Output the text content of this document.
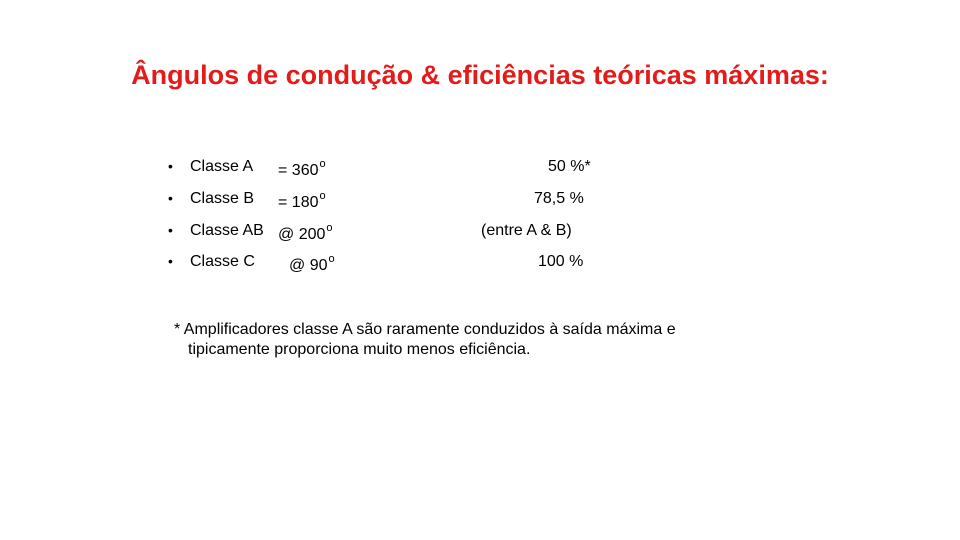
Ângulos de condução & eficiências teóricas máximas:
• Classe $A = 360^o$	50 %*
• Classe $B = 180^o$	78,5 %
• Classe AB @ 200$^o$	(entre A & B)
• Classe C @ 90$^o$	100 %
* Amplificadores classe A são raramente conduzidos à saída máxima e
tipicamente proporciona muito menos eficiência.
